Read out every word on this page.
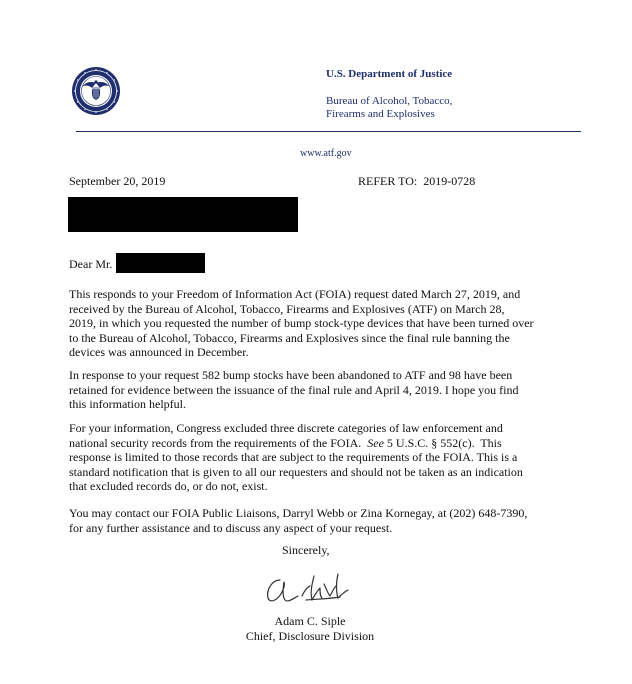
U.S. Department of Justice
Bureau of Alcohol, Tobacco,
Firearms and Explosives
www.atf.gov
September 20, 2019	REFER TO: 2019-0728
Dear Mr.
This responds to your Freedom of Information Act (FOIA) request dated March 27, 2019, and
received by the Bureau of Alcohol, Tobacco, Firearms and Explosives (ATF) on March 28,
2019, in which you requested the number of bump stock-type devices that have been turned over
to the Bureau of Alcohol, Tobacco, Firearms and Explosives since the final rule banning the
devices was announced in December.
In response to your request 582 bump stocks have been abandoned to ATF and 98 have been
retained for evidence between the issuance of the final rule and April 4, 2019. I hope you find
this information helpful.
For your information, Congress excluded three discrete categories of law enforcement and
national security records from the requirements of the FOIA.  See 5 U.S.C. § 552(c).  This
response is limited to those records that are subject to the requirements of the FOIA. This is a
standard notification that is given to all our requesters and should not be taken as an indication
that excluded records do, or do not, exist.
You may contact our FOIA Public Liaisons, Darryl Webb or Zina Kornegay, at (202) 648-7390,
for any further assistance and to discuss any aspect of your request.
Sincerely,
Adam C. Siple
Chief, Disclosure Division
